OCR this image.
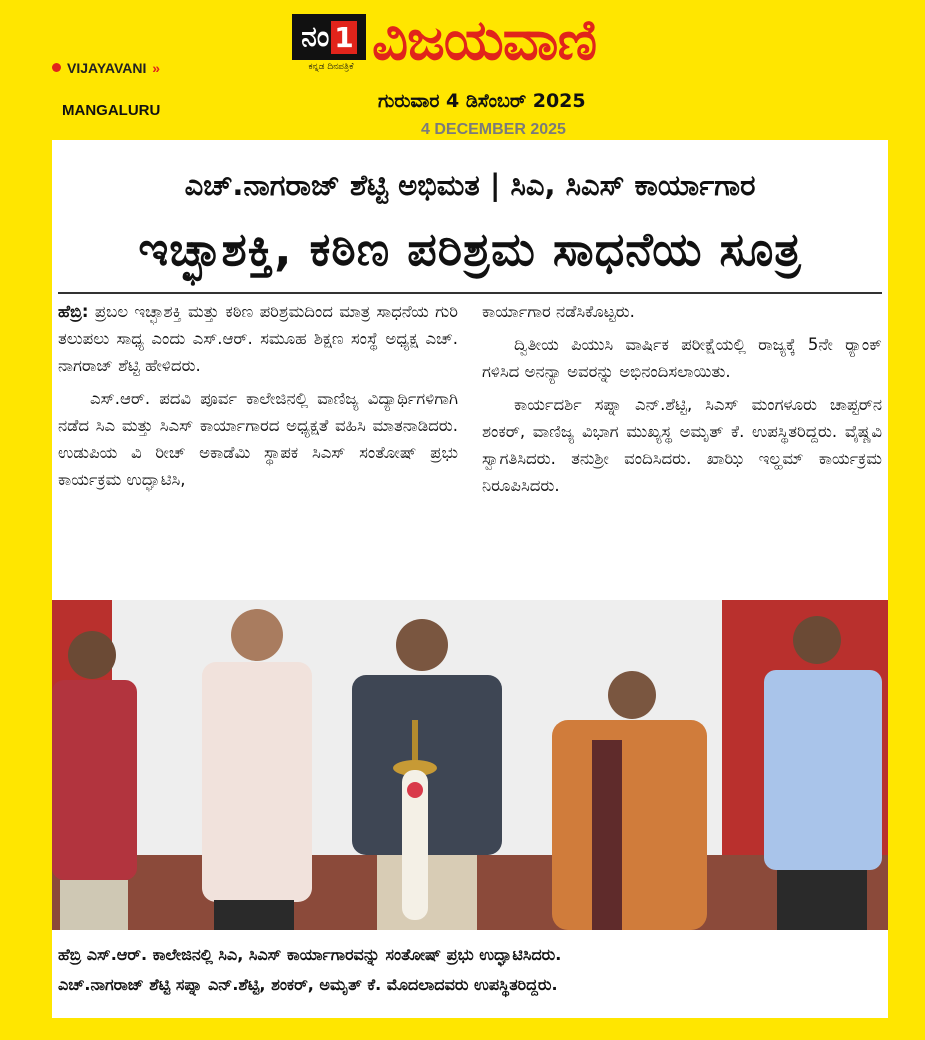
VIJAYAVANI »
MANGALURU
ನಂ 1
ಕನ್ನಡ ದಿನಪತ್ರಿಕೆ ವಿಜಯವಾಣಿ
ಗುರುವಾರ 4 ಡಿಸೆಂಬರ್ 2025
4 DECEMBER 2025
ಎಚ್.ನಾಗರಾಜ್ ಶೆಟ್ಟಿ ಅಭಿಮತ | ಸಿಎ, ಸಿಎಸ್ ಕಾರ್ಯಾಗಾರ
ಇಚ್ಛಾಶಕ್ತಿ, ಕಠಿಣ ಪರಿಶ್ರಮ ಸಾಧನೆಯ ಸೂತ್ರ

ಹೆಬ್ರಿ: ಪ್ರಬಲ ಇಚ್ಛಾಶಕ್ತಿ ಮತ್ತು ಕಠಿಣ ಪರಿಶ್ರಮದಿಂದ ಮಾತ್ರ ಸಾಧನೆಯ ಗುರಿ ತಲುಪಲು ಸಾಧ್ಯ ಎಂದು ಎಸ್.ಆರ್. ಸಮೂಹ ಶಿಕ್ಷಣ ಸಂಸ್ಥೆ ಅಧ್ಯಕ್ಷ ಎಚ್. ನಾಗರಾಜ್ ಶೆಟ್ಟಿ ಹೇಳಿದರು.

ಎಸ್.ಆರ್. ಪದವಿ ಪೂರ್ವ ಕಾಲೇಜಿನಲ್ಲಿ ವಾಣಿಜ್ಯ ವಿದ್ಯಾರ್ಥಿಗಳಿಗಾಗಿ ನಡೆದ ಸಿಎ ಮತ್ತು ಸಿಎಸ್ ಕಾರ್ಯಾಗಾರದ ಅಧ್ಯಕ್ಷತೆ ವಹಿಸಿ ಮಾತನಾಡಿದರು. ಉಡುಪಿಯ ವಿ ರೀಚ್ ಅಕಾಡೆಮಿ ಸ್ಥಾಪಕ ಸಿಎಸ್ ಸಂತೋಷ್ ಪ್ರಭು ಕಾರ್ಯಕ್ರಮ ಉದ್ಘಾಟಿಸಿ,

ಕಾರ್ಯಾಗಾರ ನಡೆಸಿಕೊಟ್ಟರು.

ದ್ವಿತೀಯ ಪಿಯುಸಿ ವಾರ್ಷಿಕ ಪರೀಕ್ಷೆಯಲ್ಲಿ ರಾಜ್ಯಕ್ಕೆ 5ನೇ ರ‍್ಯಾಂಕ್ ಗಳಿಸಿದ ಅನನ್ಯಾ ಅವರನ್ನು ಅಭಿನಂದಿಸಲಾಯಿತು.

ಕಾರ್ಯದರ್ಶಿ ಸಪ್ನಾ ಎನ್.ಶೆಟ್ಟಿ, ಸಿಎಸ್ ಮಂಗಳೂರು ಚಾಪ್ಟರ್‌ನ ಶಂಕರ್, ವಾಣಿಜ್ಯ ವಿಭಾಗ ಮುಖ್ಯಸ್ಥ ಅಮೃತ್ ಕೆ. ಉಪಸ್ಥಿತರಿದ್ದರು. ವೈಷ್ಣವಿ ಸ್ವಾಗತಿಸಿದರು. ತನುಶ್ರೀ ವಂದಿಸಿದರು. ಖಾಝಿ ಇಲ್ಹಮ್ ಕಾರ್ಯಕ್ರಮ ನಿರೂಪಿಸಿದರು.

ಹೆಬ್ರಿ ಎಸ್.ಆರ್. ಕಾಲೇಜಿನಲ್ಲಿ ಸಿಎ, ಸಿಎಸ್ ಕಾರ್ಯಾಗಾರವನ್ನು ಸಂತೋಷ್ ಪ್ರಭು ಉದ್ಘಾಟಿಸಿದರು.
ಎಚ್.ನಾಗರಾಜ್ ಶೆಟ್ಟಿ ಸಪ್ನಾ ಎನ್.ಶೆಟ್ಟಿ, ಶಂಕರ್, ಅಮೃತ್ ಕೆ. ಮೊದಲಾದವರು ಉಪಸ್ಥಿತರಿದ್ದರು.
